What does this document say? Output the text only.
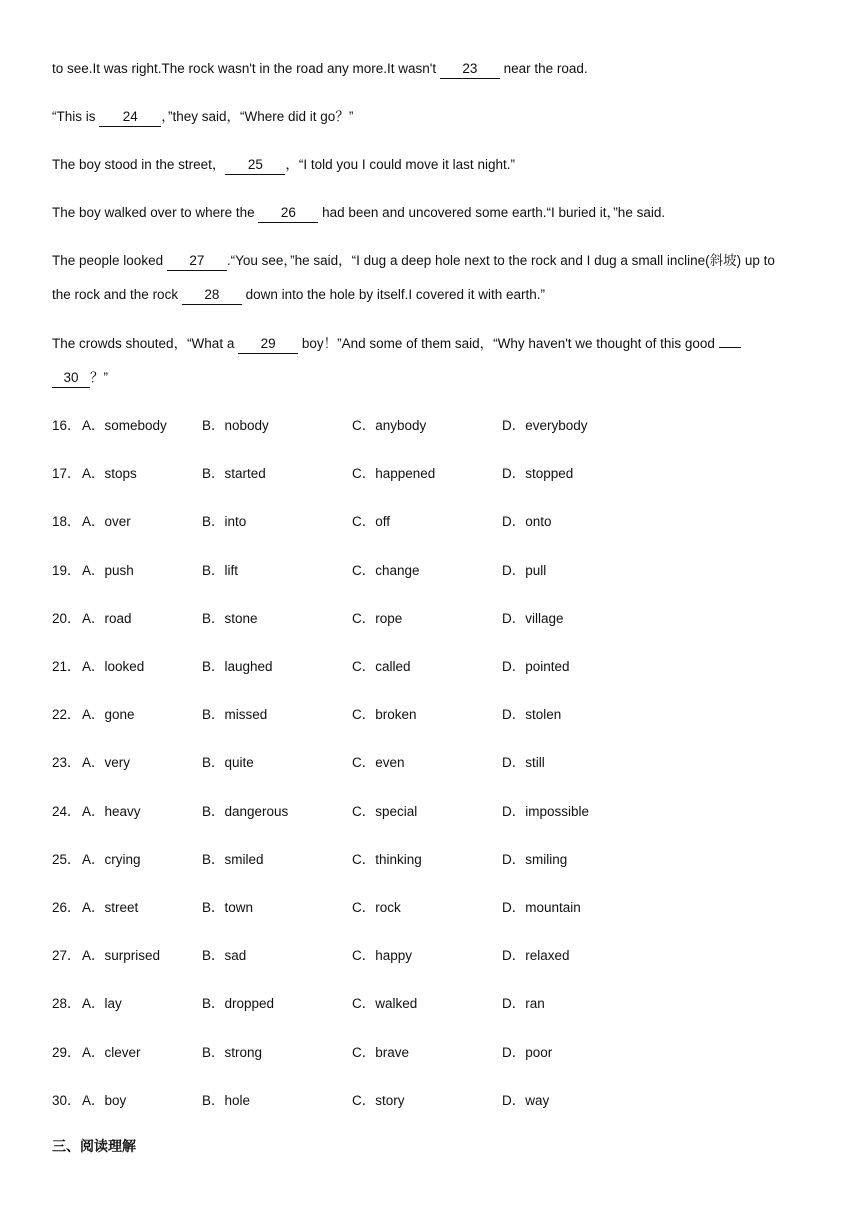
to see.It was right.The rock wasn't in the road any more.It wasn't 23 near the road.
“This is 24 ，”they said，“Where did it go？”
The boy stood in the street， 25 ，“I told you I could move it last night.”
The boy walked over to where the 26 had been and uncovered some earth.“I buried it，”he said.
The people looked 27 .“You see，”he said，“I dug a deep hole next to the rock and I dug a small incline(斜坡) up to
the rock and the rock 28 down into the hole by itself.I covered it with earth.”
The crowds shouted，“What a 29 boy！”And some of them said，“Why haven't we thought of this good
30 ？”
16． A．somebody	B．nobody	C．anybody	D．everybody
17． A．stops	B．started	C．happened	D．stopped
18． A．over	B．into	C．off	D．onto
19． A．push	B．lift	C．change	D．pull
20． A．road	B．stone	C．rope	D．village
21． A．looked	B．laughed	C．called	D．pointed
22． A．gone	B．missed	C．broken	D．stolen
23． A．very	B．quite	C．even	D．still
24． A．heavy	B．dangerous	C．special	D．impossible
25． A．crying	B．smiled	C．thinking	D．smiling
26． A．street	B．town	C．rock	D．mountain
27． A．surprised	B．sad	C．happy	D．relaxed
28． A．lay	B．dropped	C．walked	D．ran
29． A．clever	B．strong	C．brave	D．poor
30． A．boy	B．hole	C．story	D．way
三、阅读理解
